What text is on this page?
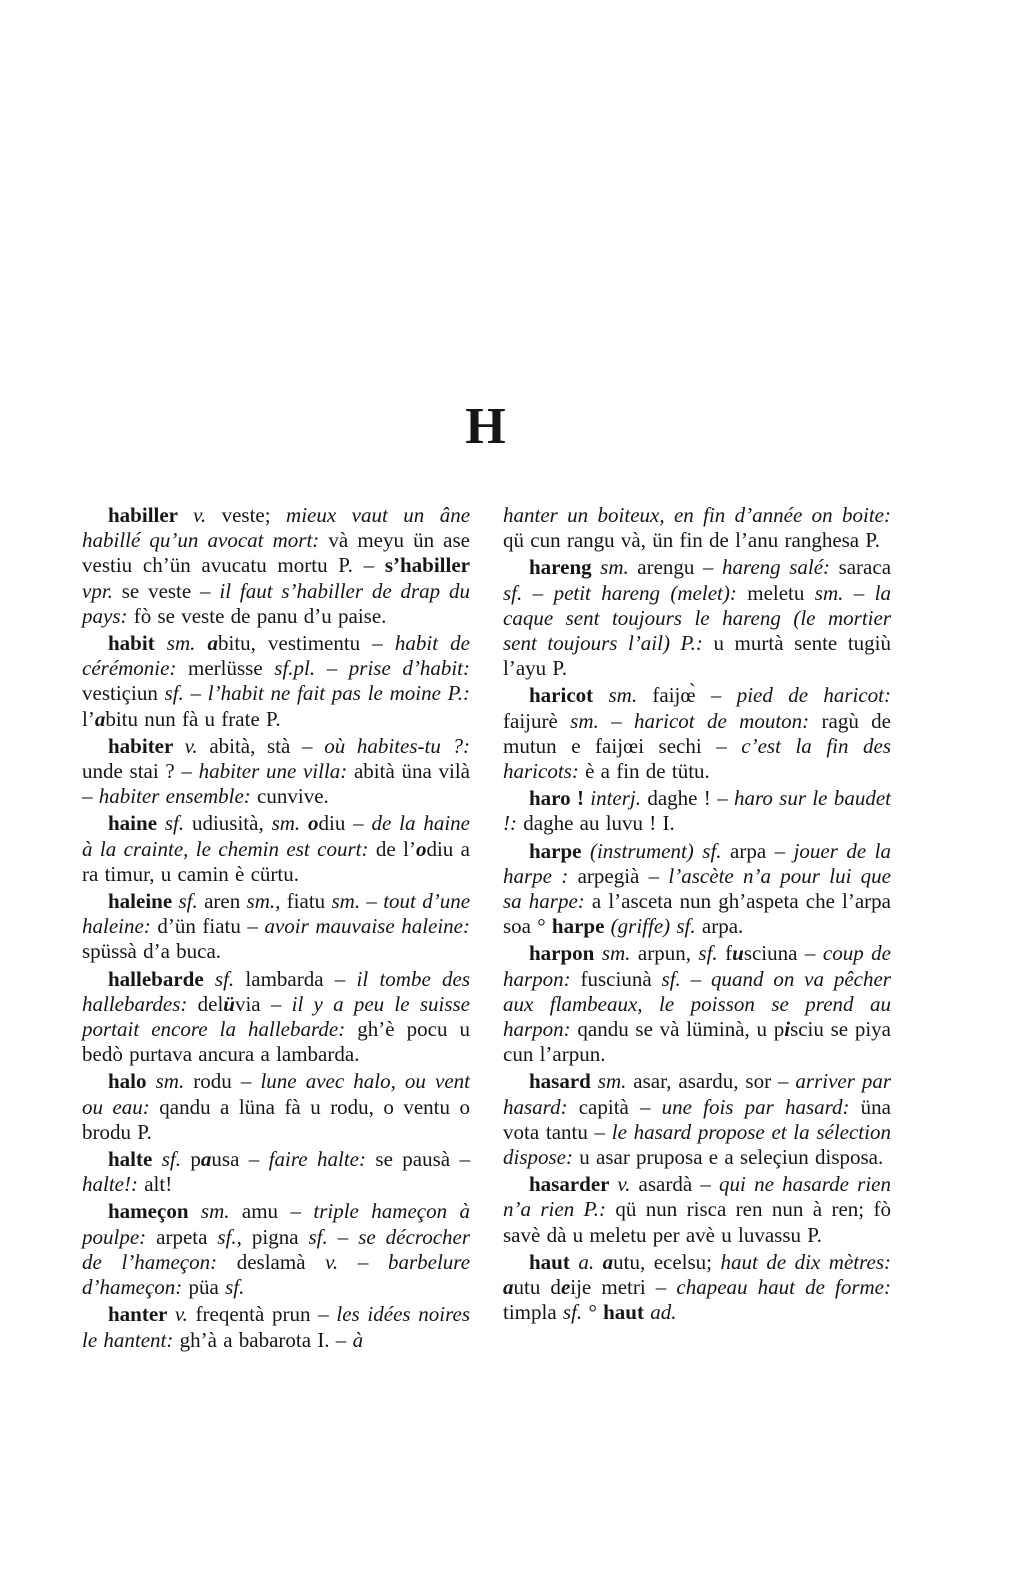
H

habiller v. veste; mieux vaut un âne habillé qu’un avocat mort: và meyu ün ase vestiu ch’ün avucatu mortu P. – s’habiller vpr. se veste – il faut s’habiller de drap du pays: fò se veste de panu d’u paise.

habit sm. abitu, vestimentu – habit de cérémonie: merlüsse sf.pl. – prise d’habit: vestiçiun sf. – l’habit ne fait pas le moine P.: l’abitu nun fà u frate P.

habiter v. abità, stà – où habites-tu ?: unde stai ? – habiter une villa: abità üna vilà – habiter ensemble: cunvive.

haine sf. udiusità, sm. odiu – de la haine à la crainte, le chemin est court: de l’odiu a ra timur, u camin è cürtu.

haleine sf. aren sm., fiatu sm. – tout d’une haleine: d’ün fiatu – avoir mauvaise haleine: spüssà d’a buca.

hallebarde sf. lambarda – il tombe des hallebardes: delüvia – il y a peu le suisse portait encore la hallebarde: gh’è pocu u bedò purtava ancura a lambarda.

halo sm. rodu – lune avec halo, ou vent ou eau: qandu a lüna fà u rodu, o ventu o brodu P.

halte sf. pausa – faire halte: se pausà – halte!: alt!

hameçon sm. amu – triple hameçon à poulpe: arpeta sf., pigna sf. – se décrocher de l’hameçon: deslamà v. – barbelure d’hameçon: püa sf.

hanter v. freqentà prun – les idées noires le hantent: gh’à a babarota I. – à

hanter un boiteux, en fin d’année on boite: qü cun rangu và, ün fin de l’anu ranghesa P.

hareng sm. arengu – hareng salé: saraca sf. – petit hareng (melet): meletu sm. – la caque sent toujours le hareng (le mortier sent toujours l’ail) P.: u murtà sente tugiù l’ayu P.

haricot sm. faijœ̀ – pied de haricot: faijurè sm. – haricot de mouton: ragù de mutun e faijœi sechi – c’est la fin des haricots: è a fin de tütu.

haro ! interj. daghe ! – haro sur le baudet !: daghe au luvu ! I.

harpe (instrument) sf. arpa – jouer de la harpe : arpegià – l’ascète n’a pour lui que sa harpe: a l’asceta nun gh’aspeta che l’arpa soa ° harpe (griffe) sf. arpa.

harpon sm. arpun, sf. fusciuna – coup de harpon: fusciunà sf. – quand on va pêcher aux flambeaux, le poisson se prend au harpon: qandu se và lüminà, u pisciu se piya cun l’arpun.

hasard sm. asar, asardu, sor – arriver par hasard: capità – une fois par hasard: üna vota tantu – le hasard propose et la sélection dispose: u asar pruposa e a seleçiun disposa.

hasarder v. asardà – qui ne hasarde rien n’a rien P.: qü nun risca ren nun à ren; fò savè dà u meletu per avè u luvassu P.

haut a. autu, ecelsu; haut de dix mètres: autu deije metri – chapeau haut de forme: timpla sf. ° haut ad.
